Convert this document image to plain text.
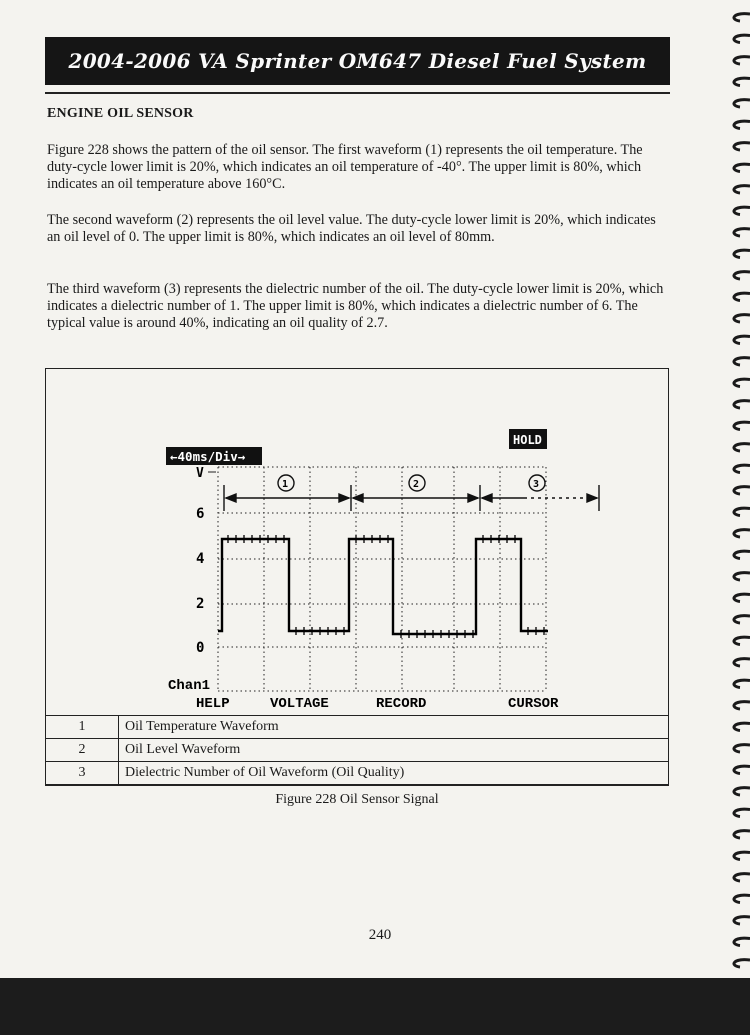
2004-2006 VA Sprinter OM647 Diesel Fuel System
ENGINE OIL SENSOR

Figure 228 shows the pattern of the oil sensor. The first waveform (1) represents the oil temperature. The duty-cycle lower limit is 20%, which indicates an oil temperature of -40°. The upper limit is 80%, which indicates an oil temperature above 160°C.

The second waveform (2) represents the oil level value. The duty-cycle lower limit is 20%, which indicates an oil level of 0. The upper limit is 80%, which indicates an oil level of 80mm.

The third waveform (3) represents the dielectric number of the oil. The duty-cycle lower limit is 20%, which indicates a dielectric number of 1. The upper limit is 80%, which indicates a dielectric number of 6. The typical value is around 40%, indicating an oil quality of 2.7.

←40ms/Div→
HOLD
V
6
4
2
0
1	2	3
Chan1
HELP	VOLTAGE	RECORD	CURSOR
1	Oil Temperature Waveform
2	Oil Level Waveform
3	Dielectric Number of Oil Waveform (Oil Quality)
Figure 228 Oil Sensor Signal
240
